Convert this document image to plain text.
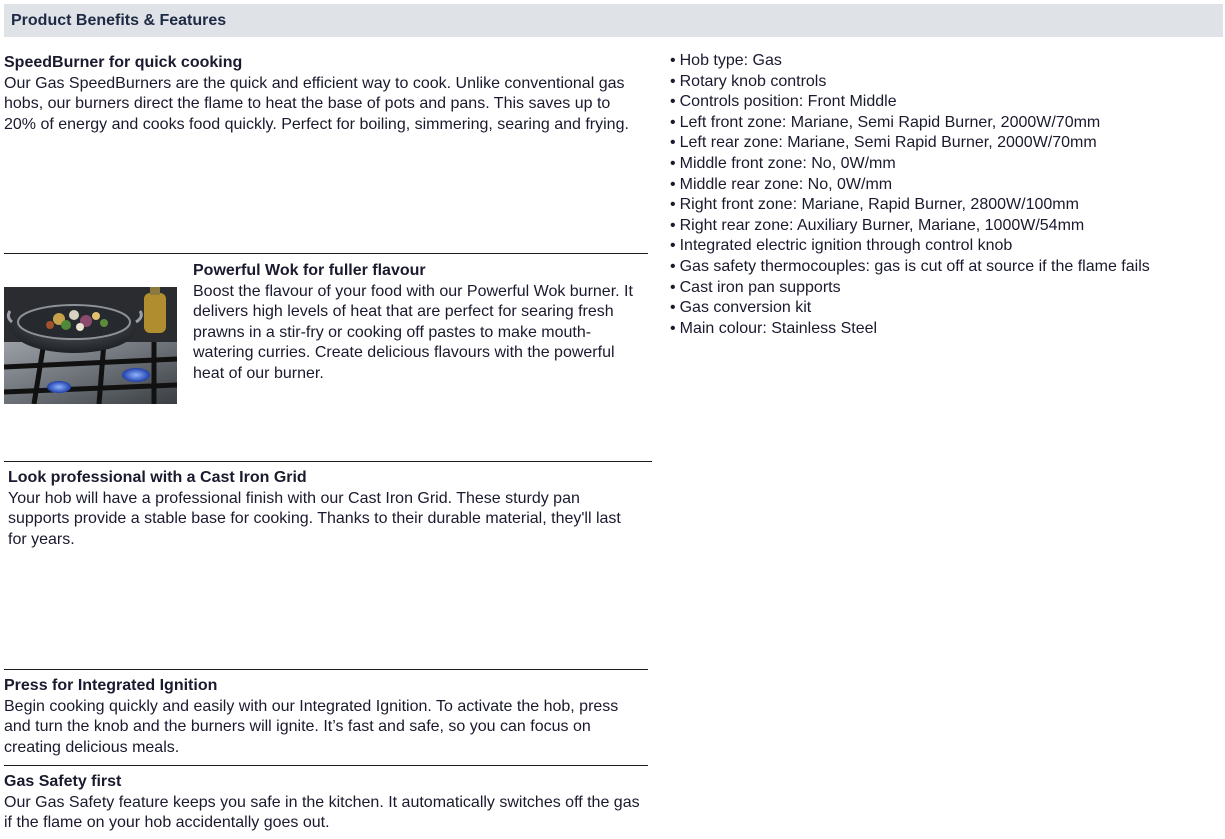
Product Benefits & Features
SpeedBurner for quick cooking
Our Gas SpeedBurners are the quick and efficient way to cook. Unlike conventional gas hobs, our burners direct the flame to heat the base of pots and pans. This saves up to 20% of energy and cooks food quickly. Perfect for boiling, simmering, searing and frying.
Powerful Wok for fuller flavour
Boost the flavour of your food with our Powerful Wok burner. It delivers high levels of heat that are perfect for searing fresh prawns in a stir-fry or cooking off pastes to make mouth-watering curries. Create delicious flavours with the powerful heat of our burner.
Look professional with a Cast Iron Grid
Your hob will have a professional finish with our Cast Iron Grid. These sturdy pan supports provide a stable base for cooking. Thanks to their durable material, they'll last for years.
Press for Integrated Ignition
Begin cooking quickly and easily with our Integrated Ignition. To activate the hob, press and turn the knob and the burners will ignite. It’s fast and safe, so you can focus on creating delicious meals.
Gas Safety first
Our Gas Safety feature keeps you safe in the kitchen. It automatically switches off the gas if the flame on your hob accidentally goes out.
• Hob type: Gas
• Rotary knob controls
• Controls position: Front Middle
• Left front zone: Mariane, Semi Rapid Burner, 2000W/70mm
• Left rear zone: Mariane, Semi Rapid Burner, 2000W/70mm
• Middle front zone: No, 0W/mm
• Middle rear zone: No, 0W/mm
• Right front zone: Mariane, Rapid Burner, 2800W/100mm
• Right rear zone: Auxiliary Burner, Mariane, 1000W/54mm
• Integrated electric ignition through control knob
• Gas safety thermocouples: gas is cut off at source if the flame fails
• Cast iron pan supports
• Gas conversion kit
• Main colour: Stainless Steel
